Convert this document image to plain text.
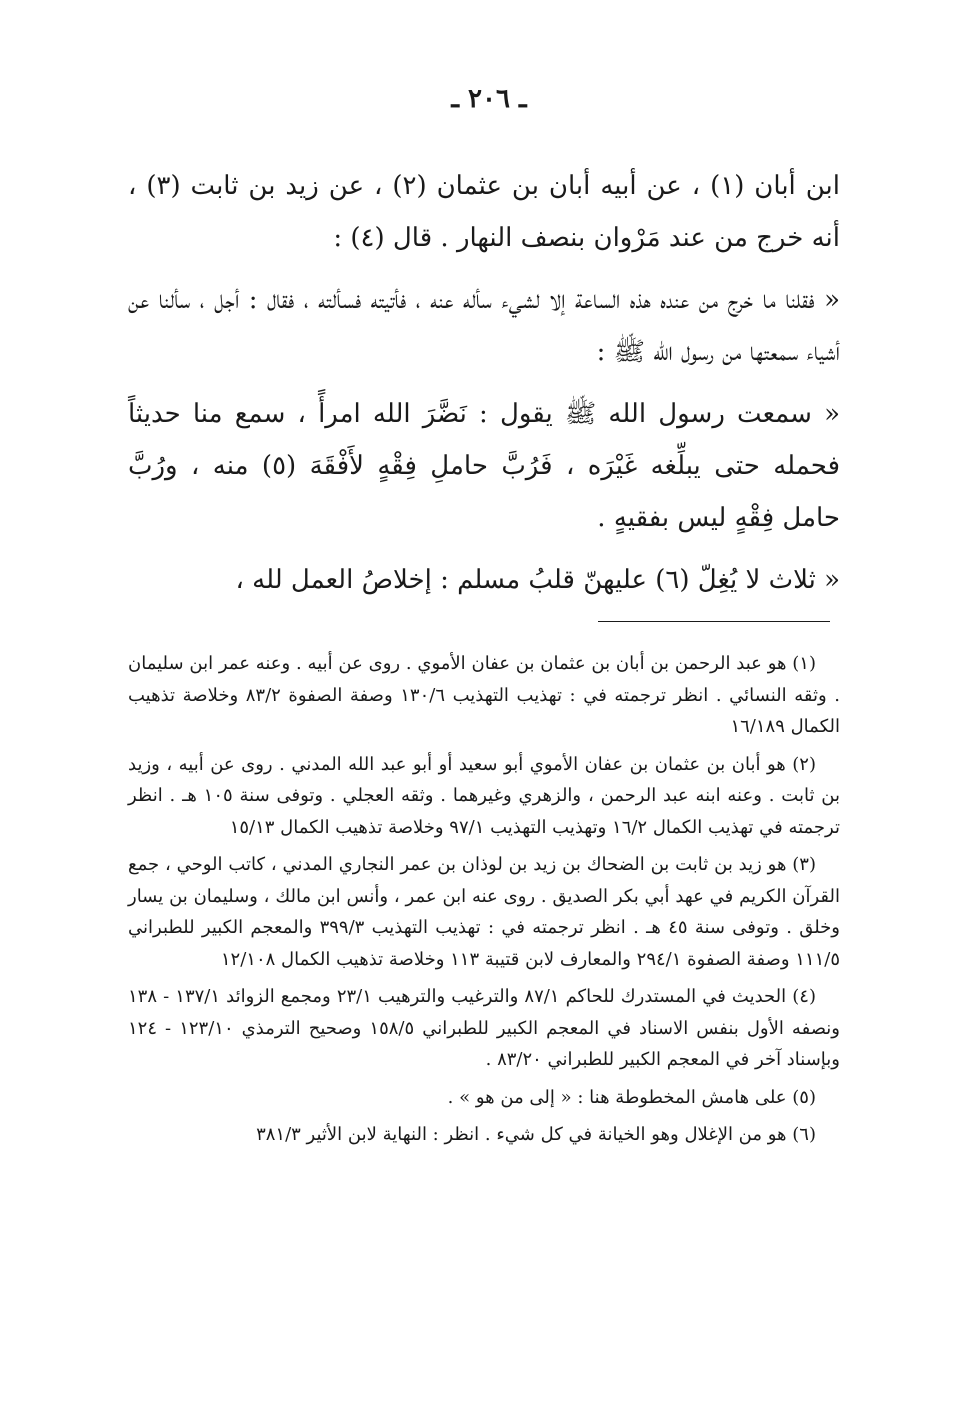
ـ ٢٠٦ ـ

ابن أبان (١) ، عن أبيه أبان بن عثمان (٢) ، عن زيد بن ثابت (٣) ، أنه خرج من عند مَرْوان بنصف النهار . قال (٤) :

« فقلنا ما خرج من عنده هذه الساعة إلا لشيء سأله عنه ، فأتيته فسألته ، فقال : أجل ، سألنا عن أشياء سمعتها من رسول الله ﷺ :

« سمعت رسول الله ﷺ يقول : نَضَّرَ الله امرأً ، سمع منا حديثاً فحمله حتى يبلِّغه غَيْرَه ، فَرُبَّ حاملِ فِقْهٍ لأَفْقَهَ (٥) منه ، ورُبَّ حامل فِقْهٍ ليس بفقيهٍ .

« ثلاث لا يُغِلّ (٦) عليهنّ قلبُ مسلم : إخلاصُ العمل لله ،

(١) هو عبد الرحمن بن أبان بن عثمان بن عفان الأموي . روى عن أبيه . وعنه عمر ابن سليمان . وثقه النسائي . انظر ترجمته في : تهذيب التهذيب ١٣٠/٦ وصفة الصفوة ٨٣/٢ وخلاصة تذهيب الكمال ١٦/١٨٩

(٢) هو أبان بن عثمان بن عفان الأموي أبو سعيد أو أبو عبد الله المدني . روى عن أبيه ، وزيد بن ثابت . وعنه ابنه عبد الرحمن ، والزهري وغيرهما . وثقه العجلي . وتوفى سنة ١٠٥ هـ . انظر ترجمته في تهذيب الكمال ١٦/٢ وتهذيب التهذيب ٩٧/١ وخلاصة تذهيب الكمال ١٥/١٣

(٣) هو زيد بن ثابت بن الضحاك بن زيد بن لوذان بن عمر النجاري المدني ، كاتب الوحي ، جمع القرآن الكريم في عهد أبي بكر الصديق . روى عنه ابن عمر ، وأنس ابن مالك ، وسليمان بن يسار وخلق . وتوفى سنة ٤٥ هـ . انظر ترجمته في : تهذيب التهذيب ٣٩٩/٣ والمعجم الكبير للطبراني ١١١/٥ وصفة الصفوة ٢٩٤/١ والمعارف لابن قتيبة ١١٣ وخلاصة تذهيب الكمال ١٢/١٠٨

(٤) الحديث في المستدرك للحاكم ٨٧/١ والترغيب والترهيب ٢٣/١ ومجمع الزوائد ١٣٧/١ - ١٣٨ ونصفه الأول بنفس الاسناد في المعجم الكبير للطبراني ١٥٨/٥ وصحيح الترمذي ١٢٣/١٠ - ١٢٤ وبإسناد آخر في المعجم الكبير للطبراني ٨٣/٢٠ .

(٥) على هامش المخطوطة هنا : « إلى من هو » .

(٦) هو من الإغلال وهو الخيانة في كل شيء . انظر : النهاية لابن الأثير ٣٨١/٣
